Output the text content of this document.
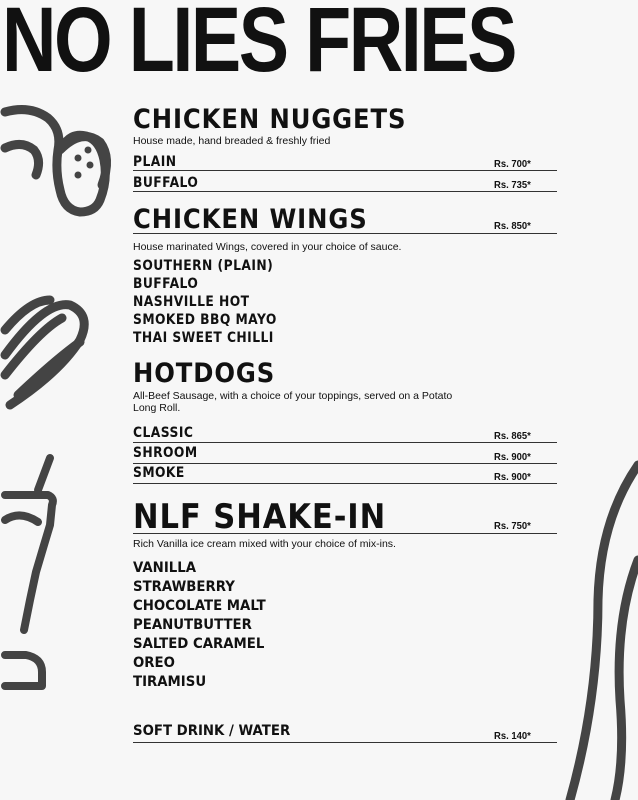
NO LIES FRIES
CHICKEN NUGGETS
House made, hand breaded & freshly fried
PLAIN	Rs. 700*
BUFFALO	Rs. 735*
CHICKEN WINGS	Rs. 850*
House marinated Wings, covered in your choice of sauce.
SOUTHERN (PLAIN)
BUFFALO
NASHVILLE HOT
SMOKED BBQ MAYO
THAI SWEET CHILLI
HOTDOGS
All-Beef Sausage, with a choice of your toppings, served on a Potato Long Roll.
CLASSIC	Rs. 865*
SHROOM	Rs. 900*
SMOKE	Rs. 900*
NLF SHAKE-IN	Rs. 750*
Rich Vanilla ice cream mixed with your choice of mix-ins.
VANILLA
STRAWBERRY
CHOCOLATE MALT
PEANUTBUTTER
SALTED CARAMEL
OREO
TIRAMISU
SOFT DRINK / WATER	Rs. 140*
